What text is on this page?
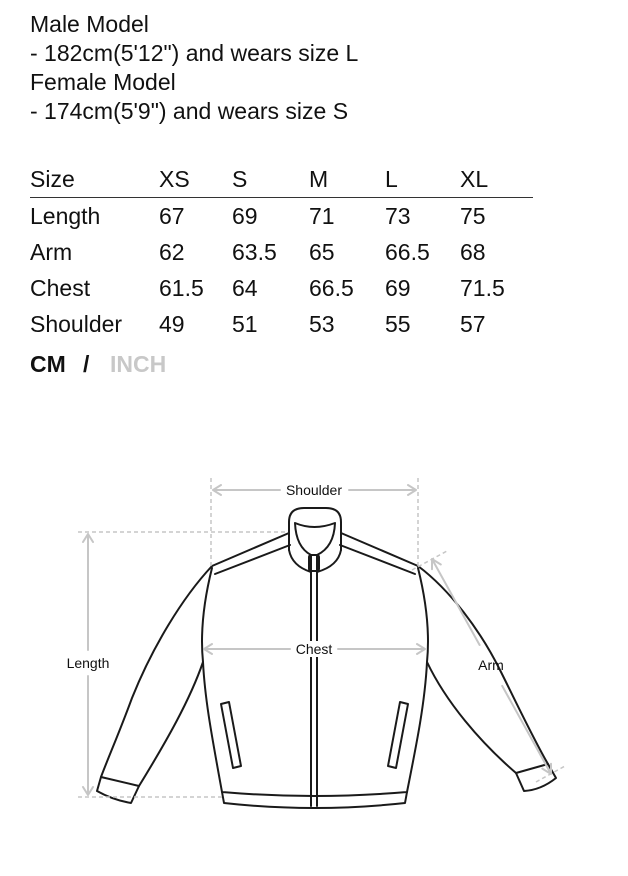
Male Model
- 182cm(5'12") and wears size L
Female Model
- 174cm(5'9") and wears size S
Size	XS	S	M	L	XL
Length	67	69	71	73	75
Arm	62	63.5	65	66.5	68
Chest	61.5	64	66.5	69	71.5
Shoulder	49	51	53	55	57
CM / INCH
Shoulder
Length
Chest
Arm
